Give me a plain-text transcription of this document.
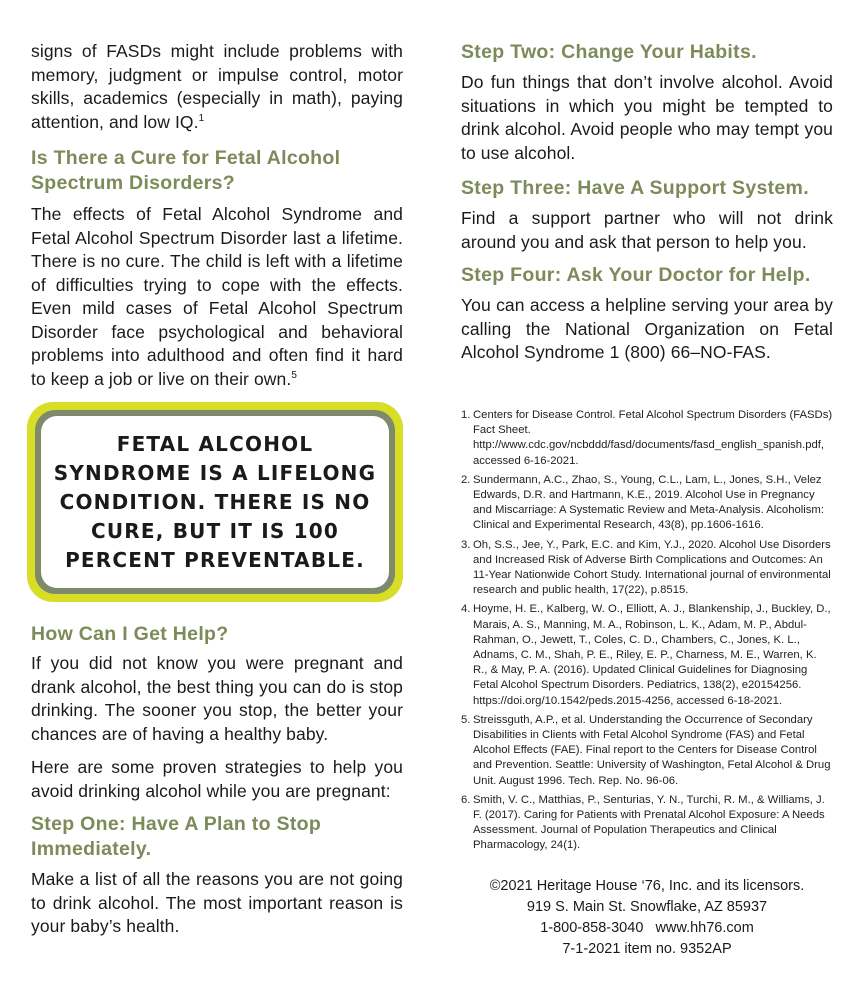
signs of FASDs might include problems with memory, judgment or impulse control, motor skills, academics (especially in math), paying attention, and low IQ.$^1$

Is There a Cure for Fetal Alcohol Spectrum Disorders?

The effects of Fetal Alcohol Syndrome and Fetal Alcohol Spectrum Disorder last a lifetime. There is no cure. The child is left with a lifetime of difficulties trying to cope with the effects. Even mild cases of Fetal Alcohol Spectrum Disorder face psychological and behavioral problems into adulthood and often find it hard to keep a job or live on their own.$^5$

FETAL ALCOHOL SYNDROME IS A LIFELONG CONDITION. THERE IS NO CURE, BUT IT IS 100 PERCENT PREVENTABLE.
How Can I Get Help?

If you did not know you were pregnant and drank alcohol, the best thing you can do is stop drinking. The sooner you stop, the better your chances are of having a healthy baby.

Here are some proven strategies to help you avoid drinking alcohol while you are pregnant:

Step One: Have A Plan to Stop Immediately.

Make a list of all the reasons you are not going to drink alcohol. The most important reason is your baby’s health.

Step Two: Change Your Habits.

Do fun things that don’t involve alcohol. Avoid situations in which you might be tempted to drink alcohol. Avoid people who may tempt you to use alcohol.

Step Three: Have A Support System.

Find a support partner who will not drink around you and ask that person to help you.

Step Four: Ask Your Doctor for Help.

You can access a helpline serving your area by calling the National Organization on Fetal Alcohol Syndrome 1 (800) 66–NO-FAS.

1. Centers for Disease Control. Fetal Alcohol Spectrum Disorders (FASDs) Fact Sheet. http://www.cdc.gov/ncbddd/fasd/documents/fasd_english_spanish.pdf, accessed 6-16-2021.
2. Sundermann, A.C., Zhao, S., Young, C.L., Lam, L., Jones, S.H., Velez Edwards, D.R. and Hartmann, K.E., 2019. Alcohol Use in Pregnancy and Miscarriage: A Systematic Review and Meta-Analysis. Alcoholism: Clinical and Experimental Research, 43(8), pp.1606-1616.
3. Oh, S.S., Jee, Y., Park, E.C. and Kim, Y.J., 2020. Alcohol Use Disorders and Increased Risk of Adverse Birth Complications and Outcomes: An 11-Year Nationwide Cohort Study. International journal of environmental research and public health, 17(22), p.8515.
4. Hoyme, H. E., Kalberg, W. O., Elliott, A. J., Blankenship, J., Buckley, D., Marais, A. S., Manning, M. A., Robinson, L. K., Adam, M. P., Abdul-Rahman, O., Jewett, T., Coles, C. D., Chambers, C., Jones, K. L., Adnams, C. M., Shah, P. E., Riley, E. P., Charness, M. E., Warren, K. R., & May, P. A. (2016). Updated Clinical Guidelines for Diagnosing Fetal Alcohol Spectrum Disorders. Pediatrics, 138(2), e20154256. https://doi.org/10.1542/peds.2015-4256, accessed 6-18-2021.
5. Streissguth, A.P., et al. Understanding the Occurrence of Secondary Disabilities in Clients with Fetal Alcohol Syndrome (FAS) and Fetal Alcohol Effects (FAE). Final report to the Centers for Disease Control and Prevention. Seattle: University of Washington, Fetal Alcohol & Drug Unit. August 1996. Tech. Rep. No. 96-06.
6. Smith, V. C., Matthias, P., Senturias, Y. N., Turchi, R. M., & Williams, J. F. (2017). Caring for Patients with Prenatal Alcohol Exposure: A Needs Assessment. Journal of Population Therapeutics and Clinical Pharmacology, 24(1).
©2021 Heritage House ‘76, Inc. and its licensors.
919 S. Main St. Snowflake, AZ 85937
1-800-858-3040   www.hh76.com
7-1-2021 item no. 9352AP
